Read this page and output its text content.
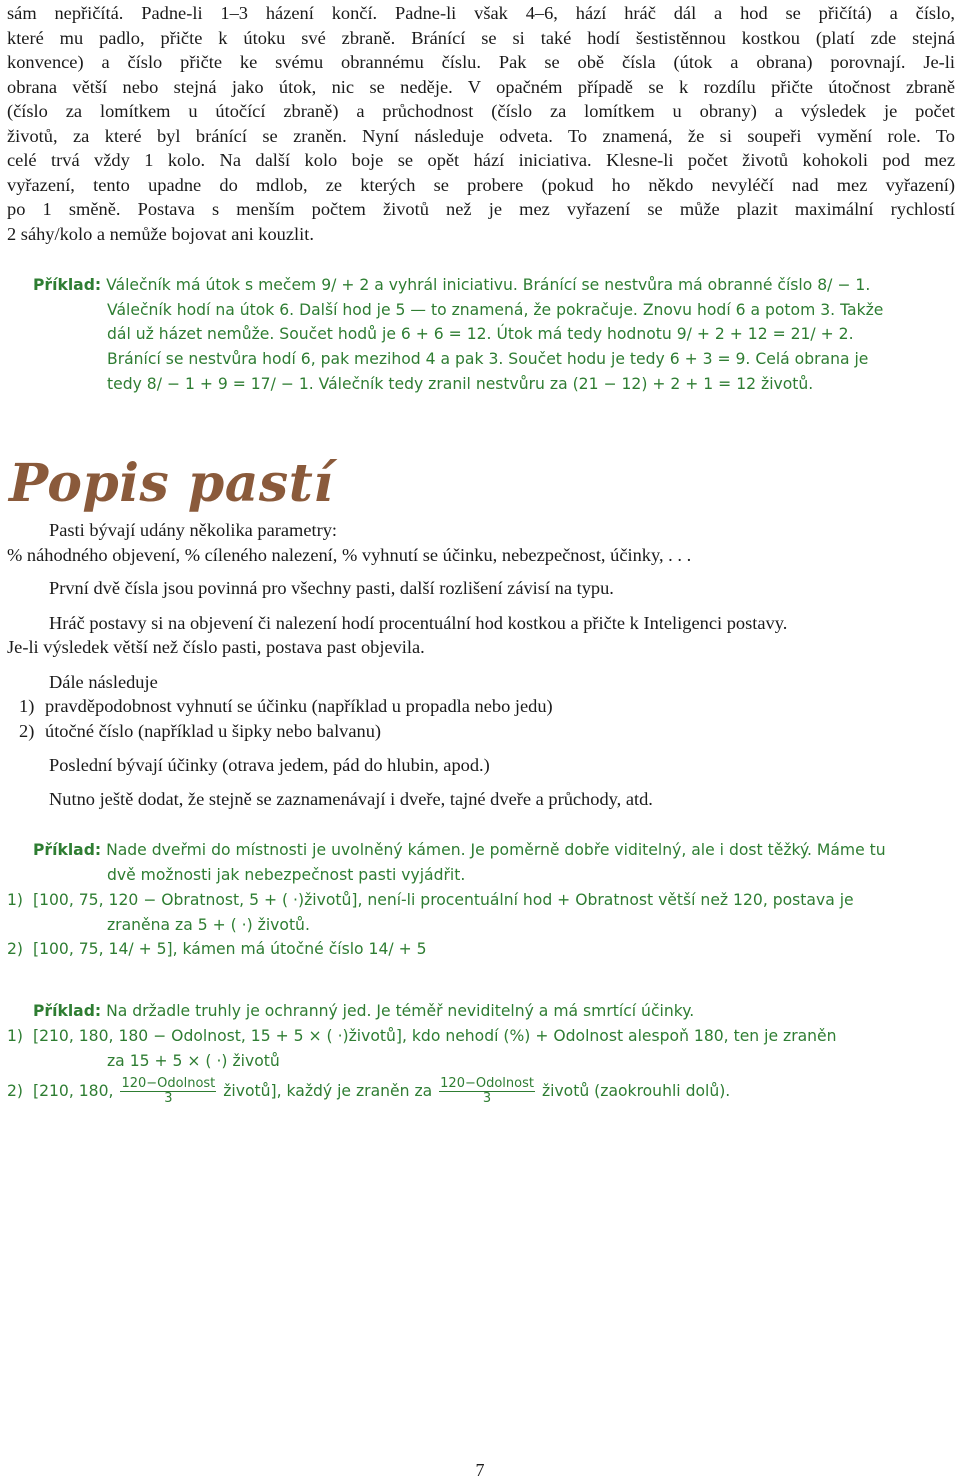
sám nepřičítá. Padne-li 1–3 házení končí. Padne-li však 4–6, hází hráč dál a hod se přičítá) a číslo,
které mu padlo, přičte k útoku své zbraně. Bránící se si také hodí šestistěnnou kostkou (platí zde stejná
konvence) a číslo přičte ke svému obrannému číslu. Pak se obě čísla (útok a obrana) porovnají. Je-li
obrana větší nebo stejná jako útok, nic se neděje. V opačném případě se k rozdílu přičte útočnost zbraně
(číslo za lomítkem u útočící zbraně) a průchodnost (číslo za lomítkem u obrany) a výsledek je počet
životů, za které byl bránící se zraněn. Nyní následuje odveta. To znamená, že si soupeři vymění role. To
celé trvá vždy 1 kolo. Na další kolo boje se opět hází iniciativa. Klesne-li počet životů kohokoli pod mez
vyřazení, tento upadne do mdlob, ze kterých se probere (pokud ho někdo nevyléčí nad mez vyřazení)
po 1 směně. Postava s menším počtem životů než je mez vyřazení se může plazit maximální rychlostí
2 sáhy/kolo a nemůže bojovat ani kouzlit.
Příklad: Válečník má útok s mečem 9/ + 2 a vyhrál iniciativu. Bránící se nestvůra má obranné číslo 8/ − 1.
Válečník hodí na útok 6. Další hod je 5 — to znamená, že pokračuje. Znovu hodí 6 a potom 3. Takže
dál už házet nemůže. Součet hodů je 6 + 6 = 12. Útok má tedy hodnotu 9/ + 2 + 12 = 21/ + 2.
Bránící se nestvůra hodí 6, pak mezihod 4 a pak 3. Součet hodu je tedy 6 + 3 = 9. Celá obrana je
tedy 8/ − 1 + 9 = 17/ − 1. Válečník tedy zranil nestvůru za (21 − 12) + 2 + 1 = 12 životů.
Popis pastí
Pasti bývají udány několika parametry:
% náhodného objevení, % cíleného nalezení, % vyhnutí se účinku, nebezpečnost, účinky, . . .
První dvě čísla jsou povinná pro všechny pasti, další rozlišení závisí na typu.
Hráč postavy si na objevení či nalezení hodí procentuální hod kostkou a přičte k Inteligenci postavy.
Je-li výsledek větší než číslo pasti, postava past objevila.
Dále následuje
1) pravděpodobnost vyhnutí se účinku (například u propadla nebo jedu)
2) útočné číslo (například u šipky nebo balvanu)
Poslední bývají účinky (otrava jedem, pád do hlubin, apod.)
Nutno ještě dodat, že stejně se zaznamenávají i dveře, tajné dveře a průchody, atd.
Příklad: Nade dveřmi do místnosti je uvolněný kámen. Je poměrně dobře viditelný, ale i dost těžký. Máme tu
dvě možnosti jak nebezpečnost pasti vyjádřit.
1) [100, 75, 120 − Obratnost, 5 + ( ·)životů], není-li procentuální hod + Obratnost větší než 120, postava je
zraněna za 5 + ( ·) životů.
2) [100, 75, 14/ + 5], kámen má útočné číslo 14/ + 5
Příklad: Na držadle truhly je ochranný jed. Je téměř neviditelný a má smrtící účinky.
1) [210, 180, 180 − Odolnost, 15 + 5 × ( ·)životů], kdo nehodí (%) + Odolnost alespoň 180, ten je zraněn
za 15 + 5 × ( ·) životů
2) [210, 180, $\frac{\text{120−Odolnost}}{3}$ životů], každý je zraněn za $\frac{\text{120−Odolnost}}{3}$ životů (zaokrouhli dolů).
7
